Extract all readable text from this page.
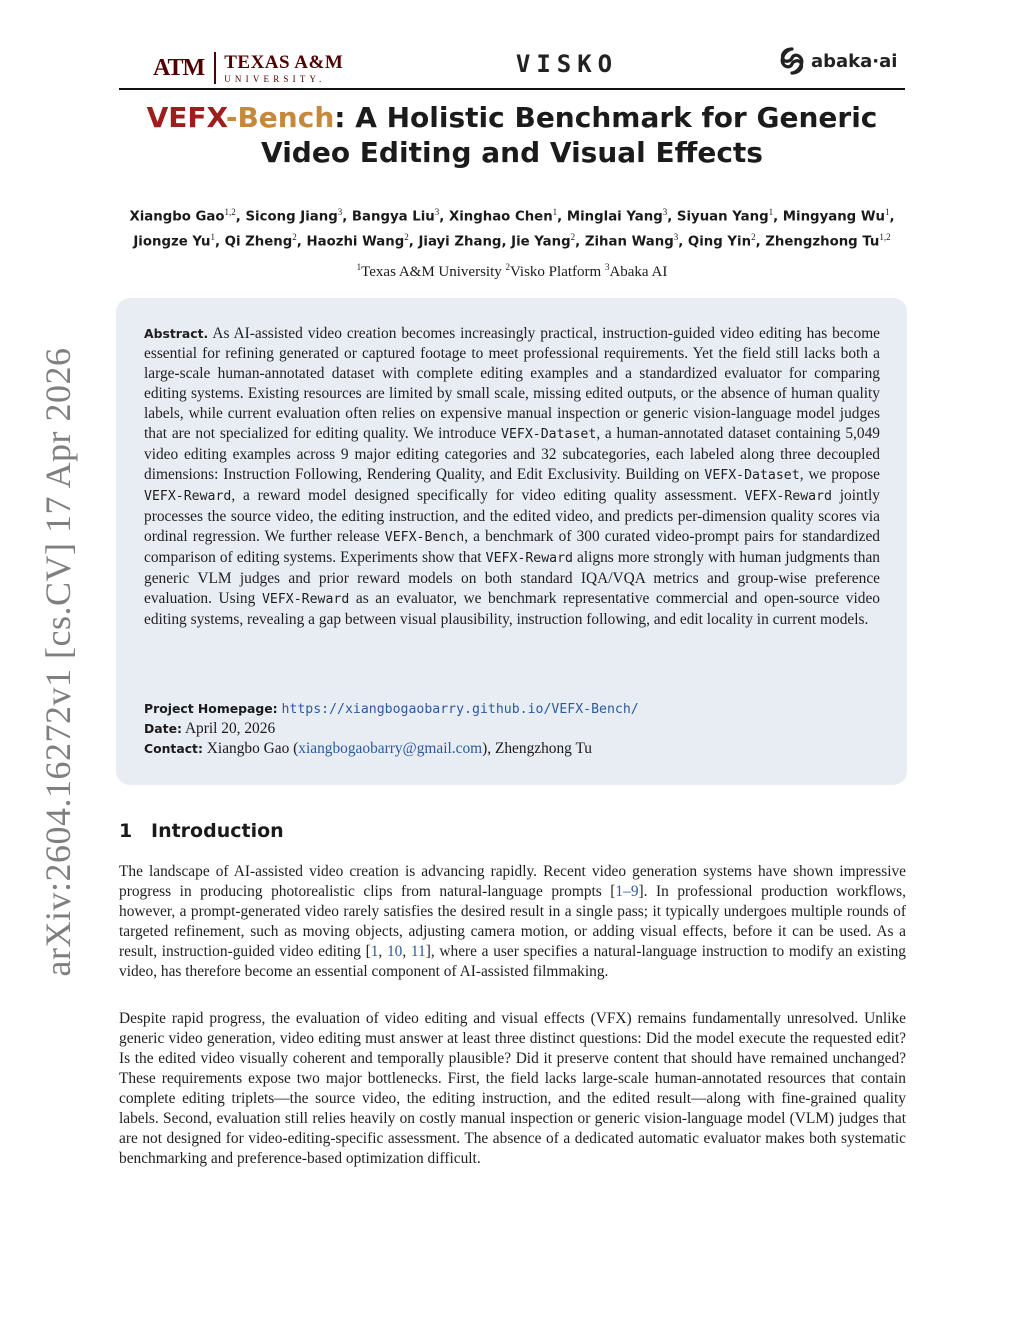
ATM TEXAS A&M
UNIVERSITY.
VISKO	abaka·ai
arXiv:2604.16272v1 [cs.CV] 17 Apr 2026
VEFX-Bench: A Holistic Benchmark for Generic
Video Editing and Visual Effects
Xiangbo Gao$^{1,2}$, Sicong Jiang$^3$, Bangya Liu$^3$, Xinghao Chen$^1$, Minglai Yang$^3$, Siyuan Yang$^1$, Mingyang Wu$^1$, Jiongze Yu$^1$, Qi Zheng$^2$, Haozhi Wang$^2$, Jiayi Zhang, Jie Yang$^2$, Zihan Wang$^3$, Qing Yin$^2$, Zhengzhong Tu$^{1,2}$
$^1$Texas A&M University $^2$Visko Platform $^3$Abaka AI
Abstract. As AI-assisted video creation becomes increasingly practical, instruction-guided video editing has become essential for refining generated or captured footage to meet professional requirements. Yet the field still lacks both a large-scale human-annotated dataset with complete editing examples and a standardized evaluator for comparing editing systems. Existing resources are limited by small scale, missing edited outputs, or the absence of human quality labels, while current evaluation often relies on expensive manual inspection or generic vision-language model judges that are not specialized for editing quality. We introduce VEFX-Dataset, a human-annotated dataset containing 5,049 video editing examples across 9 major editing categories and 32 subcategories, each labeled along three decoupled dimensions: Instruction Following, Rendering Quality, and Edit Exclusivity. Building on VEFX-Dataset, we propose VEFX-Reward, a reward model designed specifically for video editing quality assessment. VEFX-Reward jointly processes the source video, the editing instruction, and the edited video, and predicts per-dimension quality scores via ordinal regression. We further release VEFX-Bench, a benchmark of 300 curated video-prompt pairs for standardized comparison of editing systems. Experiments show that VEFX-Reward aligns more strongly with human judgments than generic VLM judges and prior reward models on both standard IQA/VQA metrics and group-wise preference evaluation. Using VEFX-Reward as an evaluator, we benchmark representative commercial and open-source video editing systems, revealing a gap between visual plausibility, instruction following, and edit locality in current models.
Project Homepage: https://xiangbogaobarry.github.io/VEFX-Bench/
Date: April 20, 2026
Contact: Xiangbo Gao (xiangbogaobarry@gmail.com), Zhengzhong Tu
1 Introduction
The landscape of AI-assisted video creation is advancing rapidly. Recent video generation systems have shown impressive progress in producing photorealistic clips from natural-language prompts [1–9]. In professional production workflows, however, a prompt-generated video rarely satisfies the desired result in a single pass; it typically undergoes multiple rounds of targeted refinement, such as moving objects, adjusting camera motion, or adding visual effects, before it can be used. As a result, instruction-guided video editing [1, 10, 11], where a user specifies a natural-language instruction to modify an existing video, has therefore become an essential component of AI-assisted filmmaking.
Despite rapid progress, the evaluation of video editing and visual effects (VFX) remains fundamentally unresolved. Unlike generic video generation, video editing must answer at least three distinct questions: Did the model execute the requested edit? Is the edited video visually coherent and temporally plausible? Did it preserve content that should have remained unchanged? These requirements expose two major bottlenecks. First, the field lacks large-scale human-annotated resources that contain complete editing triplets—the source video, the editing instruction, and the edited result—along with fine-grained quality labels. Second, evaluation still relies heavily on costly manual inspection or generic vision-language model (VLM) judges that are not designed for video-editing-specific assessment. The absence of a dedicated automatic evaluator makes both systematic benchmarking and preference-based optimization difficult.
